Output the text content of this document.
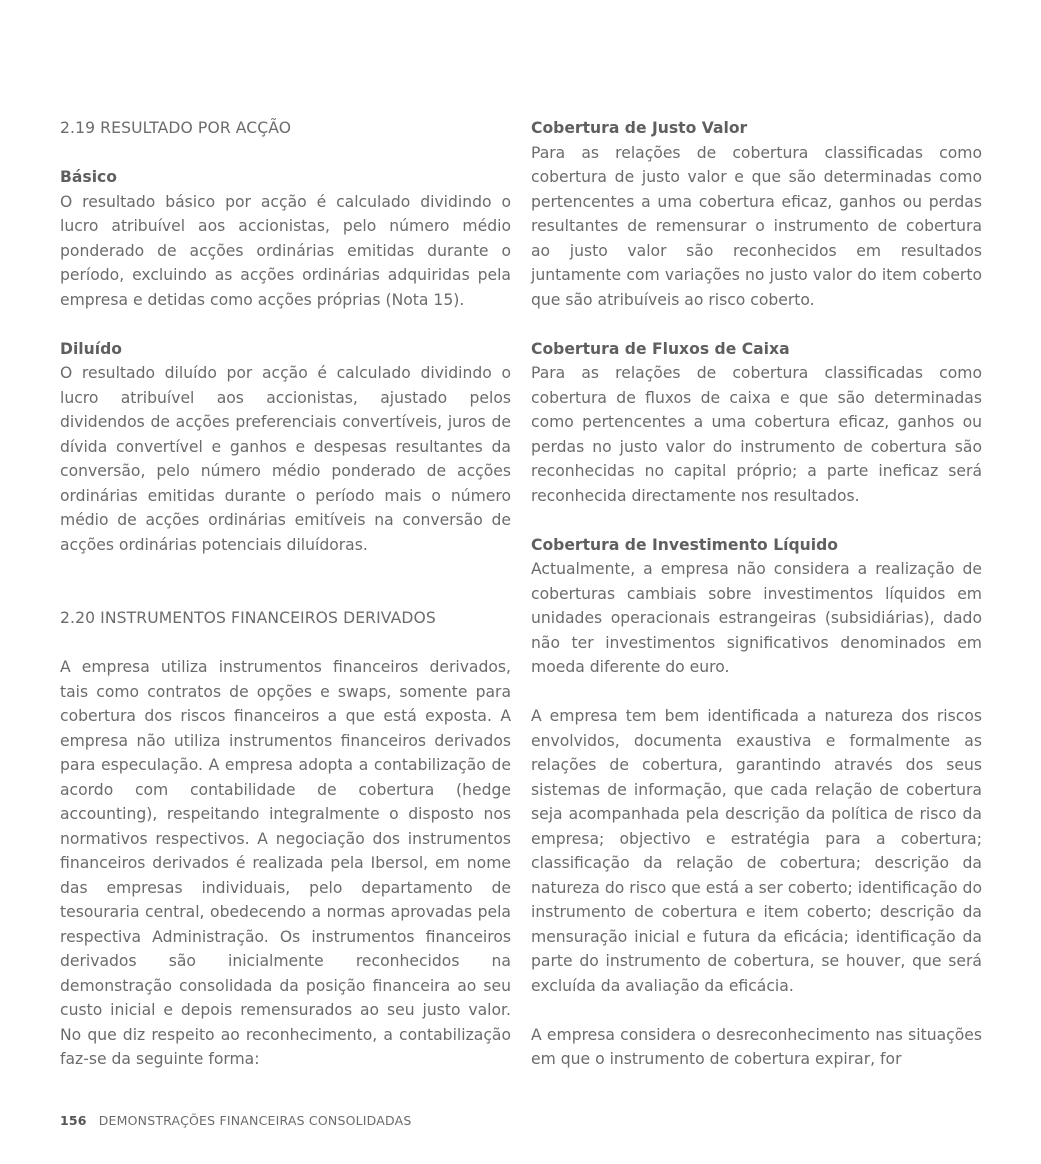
2.19 RESULTADO POR ACÇÃO
Básico

O resultado básico por acção é calculado dividindo o lucro atribuível aos accionistas, pelo número médio ponderado de acções ordinárias emitidas durante o período, excluindo as acções ordinárias adquiridas pela empresa e detidas como acções próprias (Nota 15).

Diluído

O resultado diluído por acção é calculado dividindo o lucro atribuível aos accionistas, ajustado pelos dividendos de acções preferenciais convertíveis, juros de dívida convertível e ganhos e despesas resultantes da conversão, pelo número médio ponderado de acções ordinárias emitidas durante o período mais o número médio de acções ordinárias emitíveis na conversão de acções ordinárias potenciais diluídoras.

2.20 INSTRUMENTOS FINANCEIROS DERIVADOS

A empresa utiliza instrumentos financeiros derivados, tais como contratos de opções e swaps, somente para cobertura dos riscos financeiros a que está exposta. A empresa não utiliza instrumentos financeiros derivados para especulação. A empresa adopta a contabilização de acordo com contabilidade de cobertura (hedge accounting), respeitando integralmente o disposto nos normativos respectivos. A negociação dos instrumentos financeiros derivados é realizada pela Ibersol, em nome das empresas individuais, pelo departamento de tesouraria central, obedecendo a normas aprovadas pela respectiva Administração. Os instrumentos financeiros derivados são inicialmente reconhecidos na demonstração consolidada da posição financeira ao seu custo inicial e depois remensurados ao seu justo valor. No que diz respeito ao reconhecimento, a contabilização faz-se da seguinte forma:

Cobertura de Justo Valor

Para as relações de cobertura classificadas como cobertura de justo valor e que são determinadas como pertencentes a uma cobertura eficaz, ganhos ou perdas resultantes de remensurar o instrumento de cobertura ao justo valor são reconhecidos em resultados juntamente com variações no justo valor do item coberto que são atribuíveis ao risco coberto.

Cobertura de Fluxos de Caixa

Para as relações de cobertura classificadas como cobertura de fluxos de caixa e que são determinadas como pertencentes a uma cobertura eficaz, ganhos ou perdas no justo valor do instrumento de cobertura são reconhecidas no capital próprio; a parte ineficaz será reconhecida directamente nos resultados.

Cobertura de Investimento Líquido

Actualmente, a empresa não considera a realização de coberturas cambiais sobre investimentos líquidos em unidades operacionais estrangeiras (subsidiárias), dado não ter investimentos significativos denominados em moeda diferente do euro.

A empresa tem bem identificada a natureza dos riscos envolvidos, documenta exaustiva e formalmente as relações de cobertura, garantindo através dos seus sistemas de informação, que cada relação de cobertura seja acompanhada pela descrição da política de risco da empresa; objectivo e estratégia para a cobertura; classificação da relação de cobertura; descrição da natureza do risco que está a ser coberto; identificação do instrumento de cobertura e item coberto; descrição da mensuração inicial e futura da eficácia; identificação da parte do instrumento de cobertura, se houver, que será excluída da avaliação da eficácia.

A empresa considera o desreconhecimento nas situações em que o instrumento de cobertura expirar, for

156 DEMONSTRAÇÕES FINANCEIRAS CONSOLIDADAS
